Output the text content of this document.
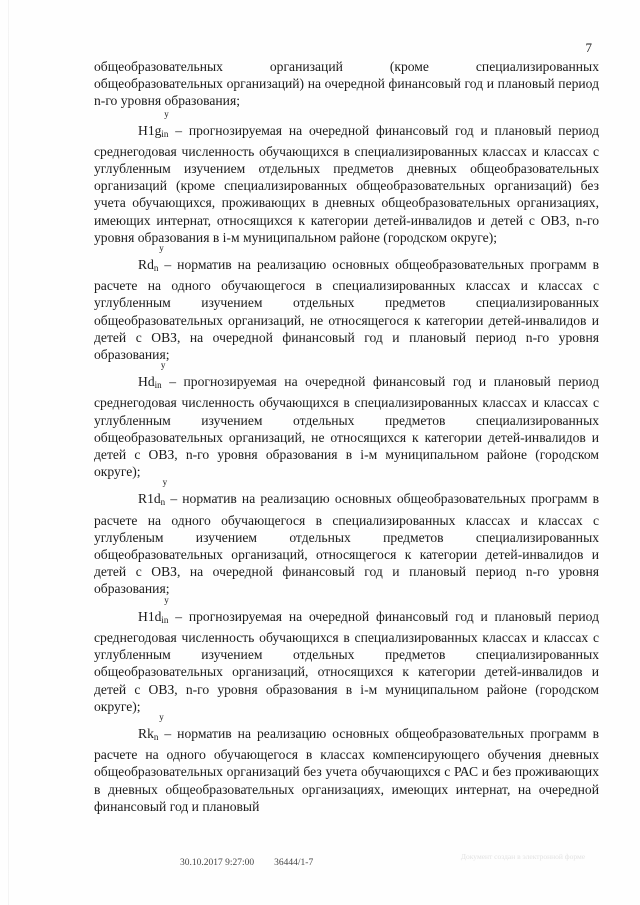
7

общеобразовательных организаций (кроме специализированных общеобразовательных организаций) на очередной финансовый год и плановый период n-го уровня образования;

у
$H1g_{in}$ – прогнозируемая на очередной финансовый год и плановый период среднегодовая численность обучающихся в специализированных классах и классах с углубленным изучением отдельных предметов дневных общеобразовательных организаций (кроме специализированных общеобразовательных организаций) без учета обучающихся, проживающих в дневных общеобразовательных организациях, имеющих интернат, относящихся к категории детей-инвалидов и детей с ОВЗ, n-го уровня образования в i-м муниципальном районе (городском округе);

у
$Rd_n$ – норматив на реализацию основных общеобразовательных программ в расчете на одного обучающегося в специализированных классах и классах с углубленным изучением отдельных предметов специализированных общеобразовательных организаций, не относящегося к категории детей-инвалидов и детей с ОВЗ, на очередной финансовый год и плановый период n-го уровня образования;

у
$Hd_{in}$ – прогнозируемая на очередной финансовый год и плановый период среднегодовая численность обучающихся в специализированных классах и классах с углубленным изучением отдельных предметов специализированных общеобразовательных организаций, не относящихся к категории детей-инвалидов и детей с ОВЗ, n-го уровня образования в i-м муниципальном районе (городском округе);

у
$R1d_n$ – норматив на реализацию основных общеобразовательных программ в расчете на одного обучающегося в специализированных классах и классах с углубленым изучением отдельных предметов специализированных общеобразовательных организаций, относящегося к категории детей-инвалидов и детей с ОВЗ, на очередной финансовый год и плановый период n-го уровня образования;

у
$H1d_{in}$ – прогнозируемая на очередной финансовый год и плановый период среднегодовая численность обучающихся в специализированных классах и классах с углубленным изучением отдельных предметов специализированных общеобразовательных организаций, относящихся к категории детей-инвалидов и детей с ОВЗ, n-го уровня образования в i-м муниципальном районе (городском округе);

у
$Rk_n$ – норматив на реализацию основных общеобразовательных программ в расчете на одного обучающегося в классах компенсирующего обучения дневных общеобразовательных организаций без учета обучающихся с РАС и без проживающих в дневных общеобразовательных организациях, имеющих интернат, на очередной финансовый год и плановый

30.10.2017 9:27:00 36444/1-7
Документ создан в электронной форме
